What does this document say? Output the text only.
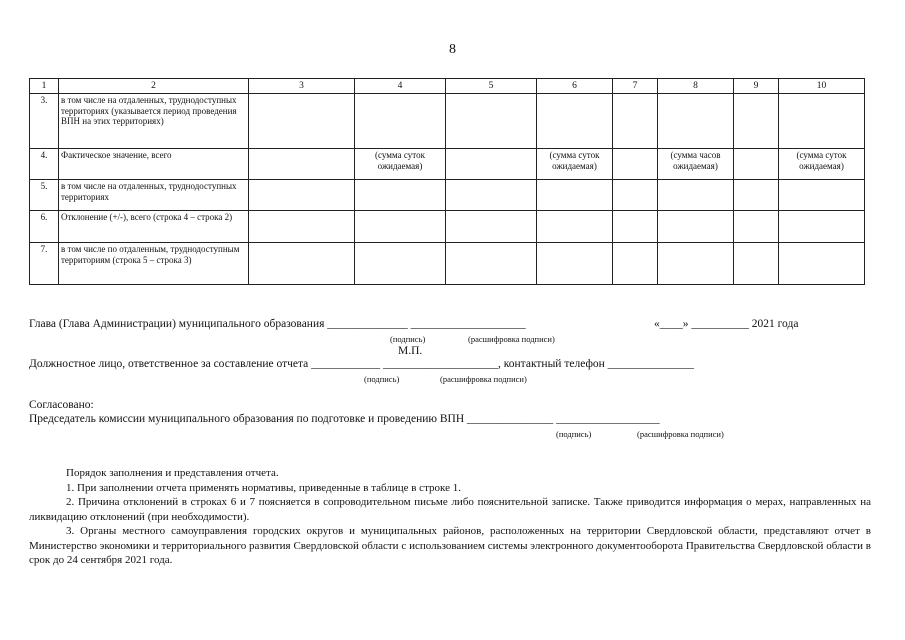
8
1	2	3	4	5	6	7	8	9	10
3.	в том числе на отдаленных, труднодоступных территориях (указывается период проведения ВПН на этих территориях)								
4.	Фактическое значение, всего		(сумма суток ожидаемая)		(сумма суток ожидаемая)		(сумма часов ожидаемая)		(сумма суток ожидаемая)
5.	в том числе на отдаленных, труднодоступных территориях								
6.	Отклонение (+/-), всего (строка 4 – строка 2)								
7.	в том числе по отдаленным, труднодоступным территориям (строка 5 – строка 3)								
Глава (Глава Администрации) муниципального образования ______________ ____________________	«____» __________ 2021 года
(подпись)	(расшифровка подписи)
М.П.
Должностное лицо, ответственное за составление отчета ____________ ____________________, контактный телефон _______________
(подпись)	(расшифровка подписи)
Согласовано:
Председатель комиссии муниципального образования по подготовке и проведению ВПН _______________ __________________
(подпись)	(расшифровка подписи)

Порядок заполнения и представления отчета.

1. При заполнении отчета применять нормативы, приведенные в таблице в строке 1.

2. Причина отклонений в строках 6 и 7 поясняется в сопроводительном письме либо пояснительной записке. Также приводится информация о мерах, направленных на ликвидацию отклонений (при необходимости).

3. Органы местного самоуправления городских округов и муниципальных районов, расположенных на территории Свердловской области, представляют отчет в Министерство экономики и территориального развития Свердловской области с использованием системы электронного документооборота Правительства Свердловской области в срок до 24 сентября 2021 года.
